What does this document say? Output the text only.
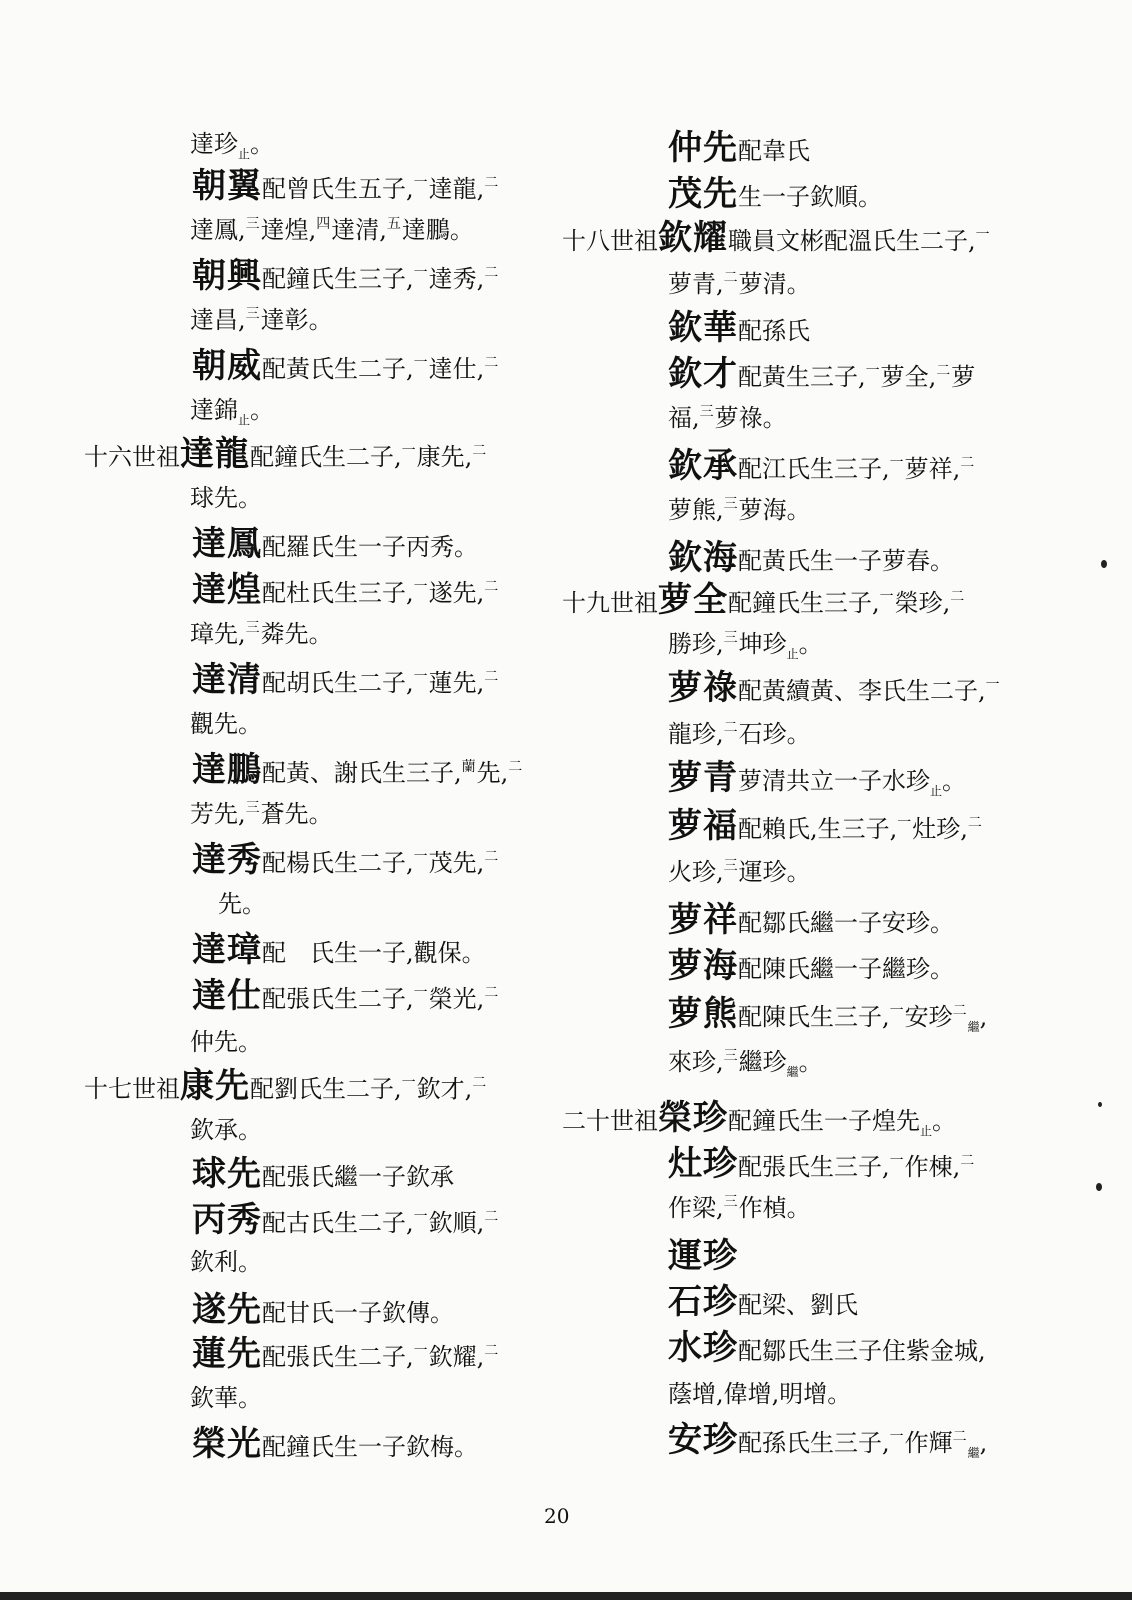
達珍$_止$。
朝翼配曾氏生五子,$^一$達龍,$^二$
達鳳,$^三$達煌,$^四$達清,$^五$達鵬。
朝興配鐘氏生三子,$^一$達秀,$^二$
達昌,$^三$達彰。
朝威配黃氏生二子,$^一$達仕,$^二$
達錦$_止$。
十六世祖達龍配鐘氏生二子,$^一$康先,$^二$
球先。
達鳳配羅氏生一子丙秀。
達煌配杜氏生三子,$^一$遂先,$^二$
璋先,$^三$粦先。
達清配胡氏生二子,$^一$蓮先,$^二$
觀先。
達鵬配黃、謝氏生三子,$^蘭$先,$^二$
芳先,$^三$蒼先。
達秀配楊氏生二子,$^一$茂先,$^二$
先。
達璋配　氏生一子,觀保。
達仕配張氏生二子,$^一$榮光,$^二$
仲先。
十七世祖康先配劉氏生二子,$^一$欽才,$^二$
欽承。
球先配張氏繼一子欽承
丙秀配古氏生二子,$^一$欽順,$^二$
欽利。
遂先配甘氏一子欽傳。
蓮先配張氏生二子,$^一$欽耀,$^二$
欽華。
榮光配鐘氏生一子欽梅。
仲先配韋氏
茂先生一子欽順。
十八世祖欽耀職員文彬配溫氏生二子,$^一$
萝青,$^二$萝清。
欽華配孫氏
欽才配黃生三子,$^一$萝全,$^二$萝
福,$^三$萝祿。
欽承配江氏生三子,$^一$萝祥,$^二$
萝熊,$^三$萝海。
欽海配黃氏生一子萝春。
十九世祖萝全配鐘氏生三子,$^一$榮珍,$^二$
勝珍,$^三$坤珍$_止$。
萝祿配黃續黃、李氏生二子,$^一$
龍珍,$^二$石珍。
萝青萝清共立一子水珍$_止$。
萝福配賴氏,生三子,$^一$灶珍,$^二$
火珍,$^三$運珍。
萝祥配鄒氏繼一子安珍。
萝海配陳氏繼一子繼珍。
萝熊配陳氏生三子,$^一$安珍$^二_繼$,
來珍,$^三$繼珍$_繼$。
二十世祖榮珍配鐘氏生一子煌先$_止$。
灶珍配張氏生三子,$^一$作棟,$^二$
作梁,$^三$作楨。
運珍
石珍配梁、劉氏
水珍配鄒氏生三子住紫金城,
蔭增,偉增,明增。
安珍配孫氏生三子,$^一$作輝$^二_繼$,
20
